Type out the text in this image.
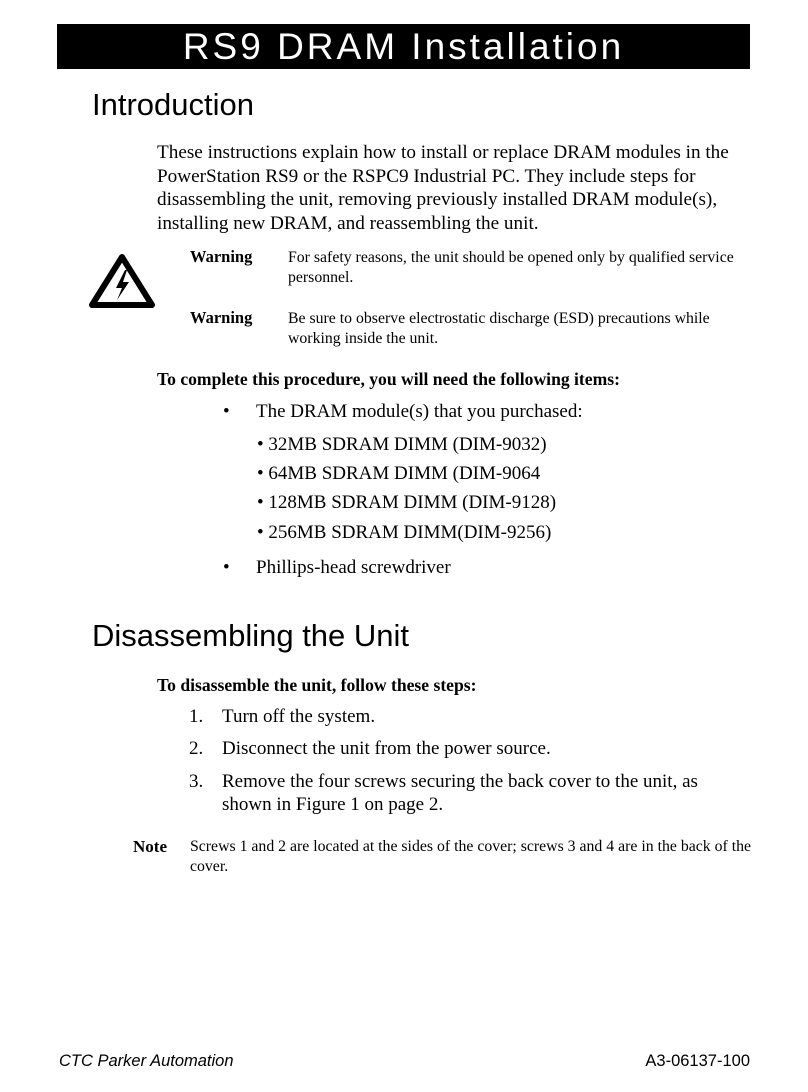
RS9 DRAM Installation
Introduction
These instructions explain how to install or replace DRAM modules in the PowerStation RS9 or the RSPC9 Industrial PC. They include steps for disassembling the unit, removing previously installed DRAM module(s), installing new DRAM, and reassembling the unit.
Warning For safety reasons, the unit should be opened only by qualified service personnel.
Warning Be sure to observe electrostatic discharge (ESD) precautions while working inside the unit.
To complete this procedure, you will need the following items:
• The DRAM module(s) that you purchased:
• 32MB SDRAM DIMM (DIM-9032)
• 64MB SDRAM DIMM (DIM-9064
• 128MB SDRAM DIMM (DIM-9128)
• 256MB SDRAM DIMM(DIM-9256)
• Phillips-head screwdriver
Disassembling the Unit
To disassemble the unit, follow these steps:
1. Turn off the system.
2. Disconnect the unit from the power source.
3. Remove the four screws securing the back cover to the unit, as shown in Figure 1 on page 2.
Note Screws 1 and 2 are located at the sides of the cover; screws 3 and 4 are in the back of the cover.
CTC Parker Automation	A3-06137-100
